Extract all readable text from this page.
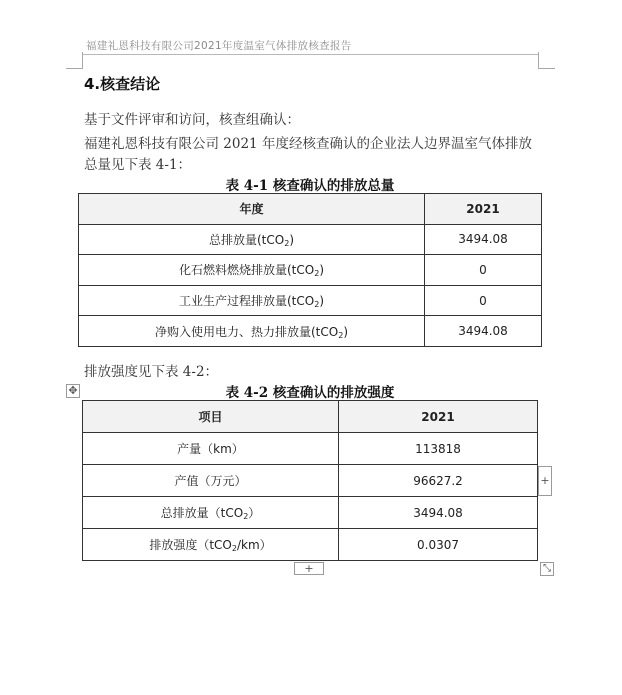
福建礼恩科技有限公司2021年度温室气体排放核查报告
4.核查结论
基于文件评审和访问，核查组确认：
福建礼恩科技有限公司 2021 年度经核查确认的企业法人边界温室气体排放总量见下表 4-1：
表 4-1 核查确认的排放总量
年度	2021
总排放量(tCO$_2$)	3494.08
化石燃料燃烧排放量(tCO$_2$)	0
工业生产过程排放量(tCO$_2$)	0
净购入使用电力、热力排放量(tCO$_2$)	3494.08
排放强度见下表 4-2：
✥	表 4-2 核查确认的排放强度
项目	2021
产量（km）	113818
产值（万元）	96627.2
总排放量（tCO$_2$）	3494.08
排放强度（tCO$_2$/km）	0.0307
+
+	⤡
